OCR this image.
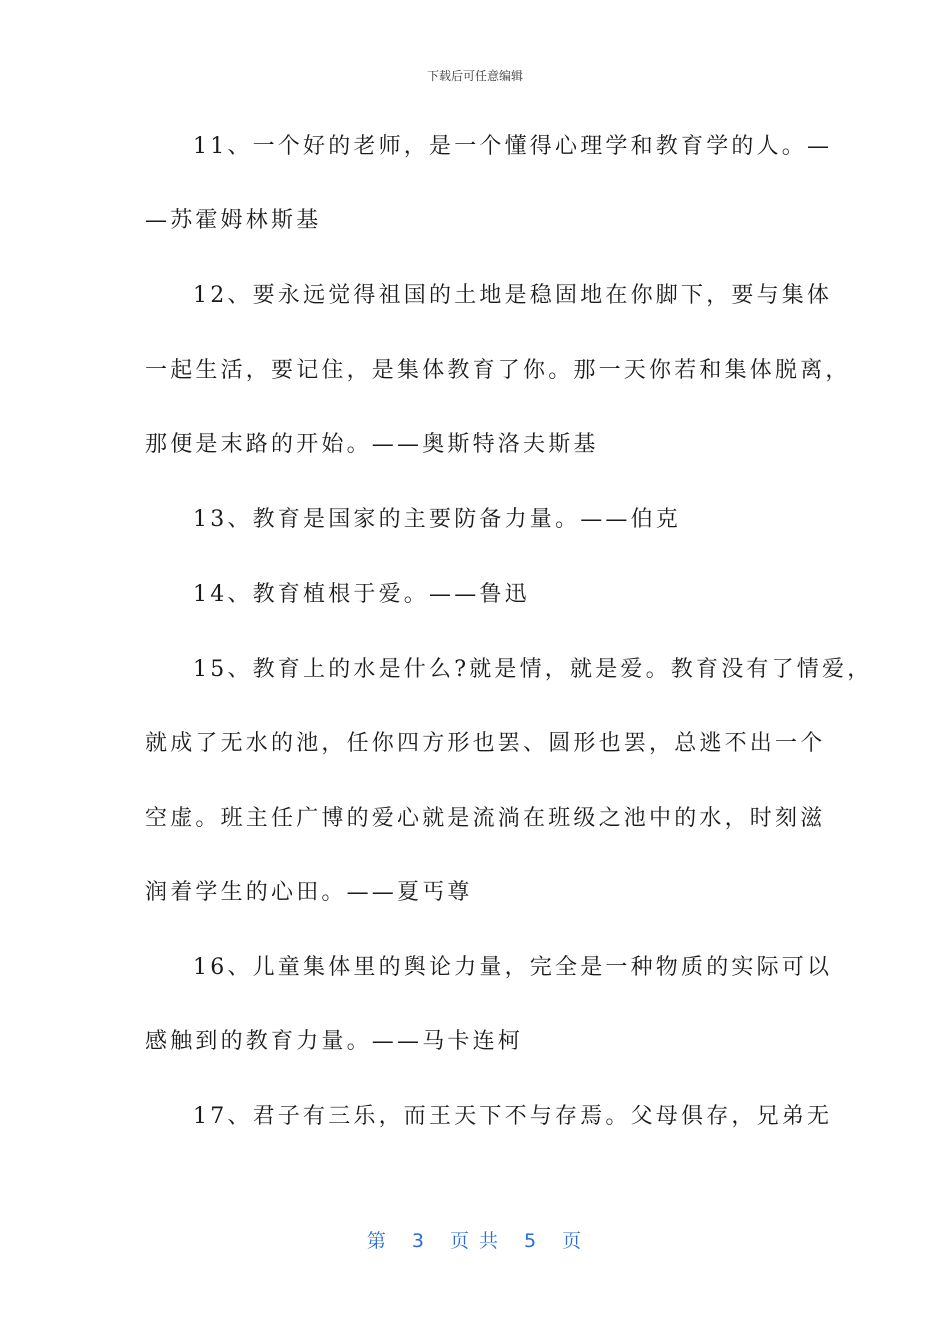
下载后可任意编辑
11、一个好的老师，是一个懂得心理学和教育学的人。—
—苏霍姆林斯基
12、要永远觉得祖国的土地是稳固地在你脚下，要与集体
一起生活，要记住，是集体教育了你。那一天你若和集体脱离，
那便是末路的开始。——奥斯特洛夫斯基
13、教育是国家的主要防备力量。——伯克
14、教育植根于爱。——鲁迅
15、教育上的水是什么?就是情，就是爱。教育没有了情爱，
就成了无水的池，任你四方形也罢、圆形也罢，总逃不出一个
空虚。班主任广博的爱心就是流淌在班级之池中的水，时刻滋
润着学生的心田。——夏丐尊
16、儿童集体里的舆论力量，完全是一种物质的实际可以
感触到的教育力量。——马卡连柯
17、君子有三乐，而王天下不与存焉。父母俱存，兄弟无
第 3 页 共 5 页
